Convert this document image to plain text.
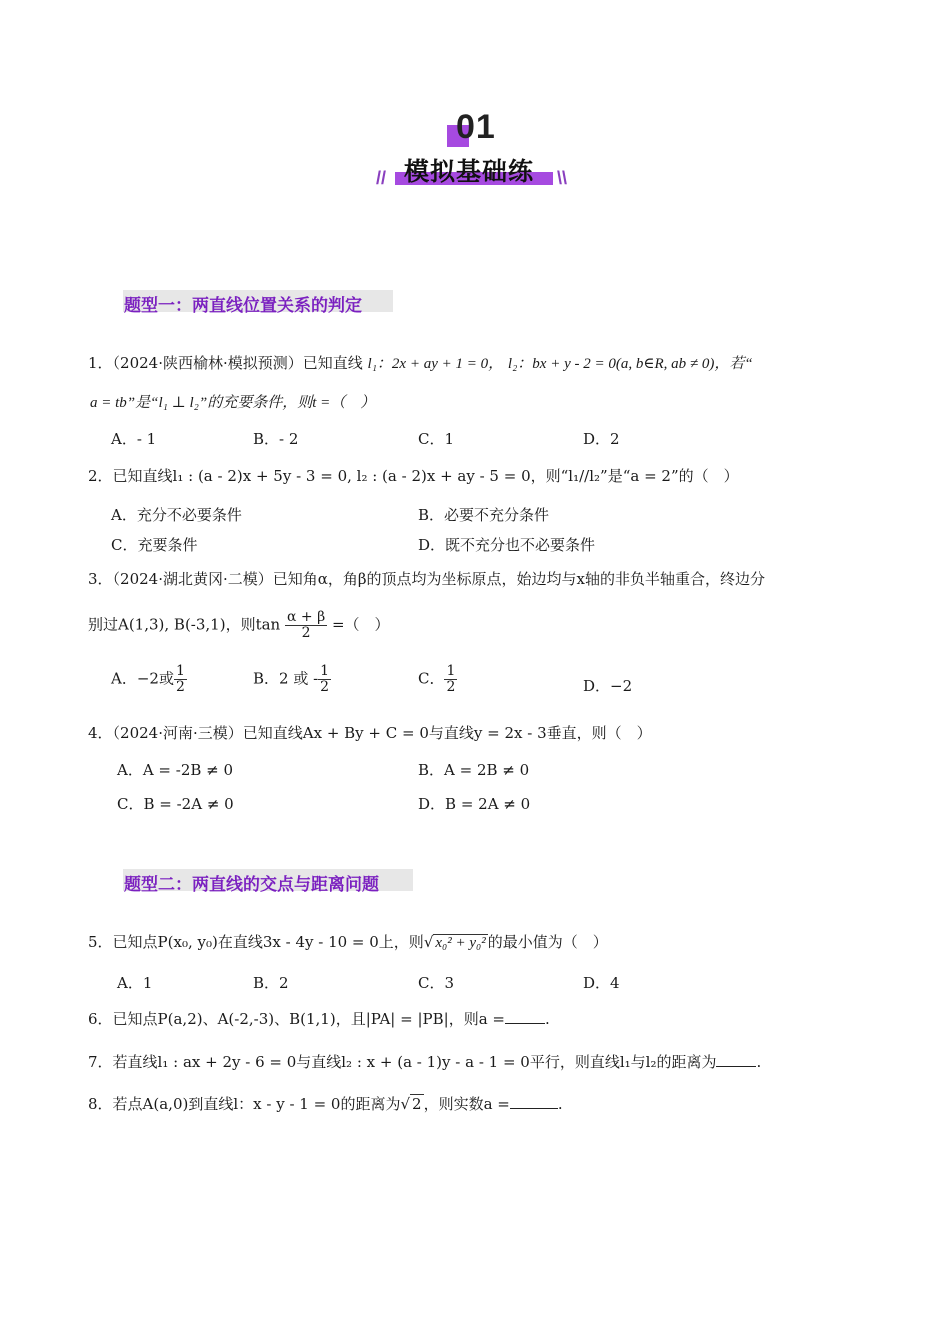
01
模拟基础练
//	\\
题型一：两直线位置关系的判定
1．（2024·陕西榆林·模拟预测）已知直线 l₁：2x + ay + 1 = 0， l₂：bx + y - 2 = 0(a, b∈R, ab ≠ 0)，若“
a = tb”是“l₁ ⊥ l₂”的充要条件，则t =（　）
A．- 1	B．- 2	C．1	D．2
2．已知直线l₁ : (a - 2)x + 5y - 3 = 0, l₂ : (a - 2)x + ay - 5 = 0，则“l₁//l₂”是“a = 2”的（　）
A．充分不必要条件	B．必要不充分条件
C．充要条件	D．既不充分也不必要条件
3．（2024·湖北黄冈·二模）已知角α，角β的顶点均为坐标原点，始边均与x轴的非负半轴重合，终边分
别过A(1,3), B(-3,1)，则$\tan \frac{\alpha + \beta}{2}$ =（　）
A．−2或 $\frac{1}{2}$	B．2 或 - $\frac{1}{2}$	C． $\frac{1}{2}$	D．−2
4．（2024·河南·三模）已知直线Ax + By + C = 0与直线y = 2x - 3垂直，则（　）
A．A = -2B ≠ 0	B．A = 2B ≠ 0
C．B = -2A ≠ 0	D．B = 2A ≠ 0
题型二：两直线的交点与距离问题
5．已知点P(x₀, y₀)在直线3x - 4y - 10 = 0上，则√ x₀² + y₀² 的最小值为（　）
A．1	B．2	C．3	D．4
6．已知点P(a,2)、A(-2,-3)、B(1,1)，且|PA| = |PB|，则a =	.
7．若直线l₁ : ax + 2y - 6 = 0与直线l₂ : x + (a - 1)y - a - 1 = 0平行，则直线l₁与l₂的距离为	.
8．若点A(a,0)到直线l：x - y - 1 = 0的距离为√ 2 ，则实数a =	.
